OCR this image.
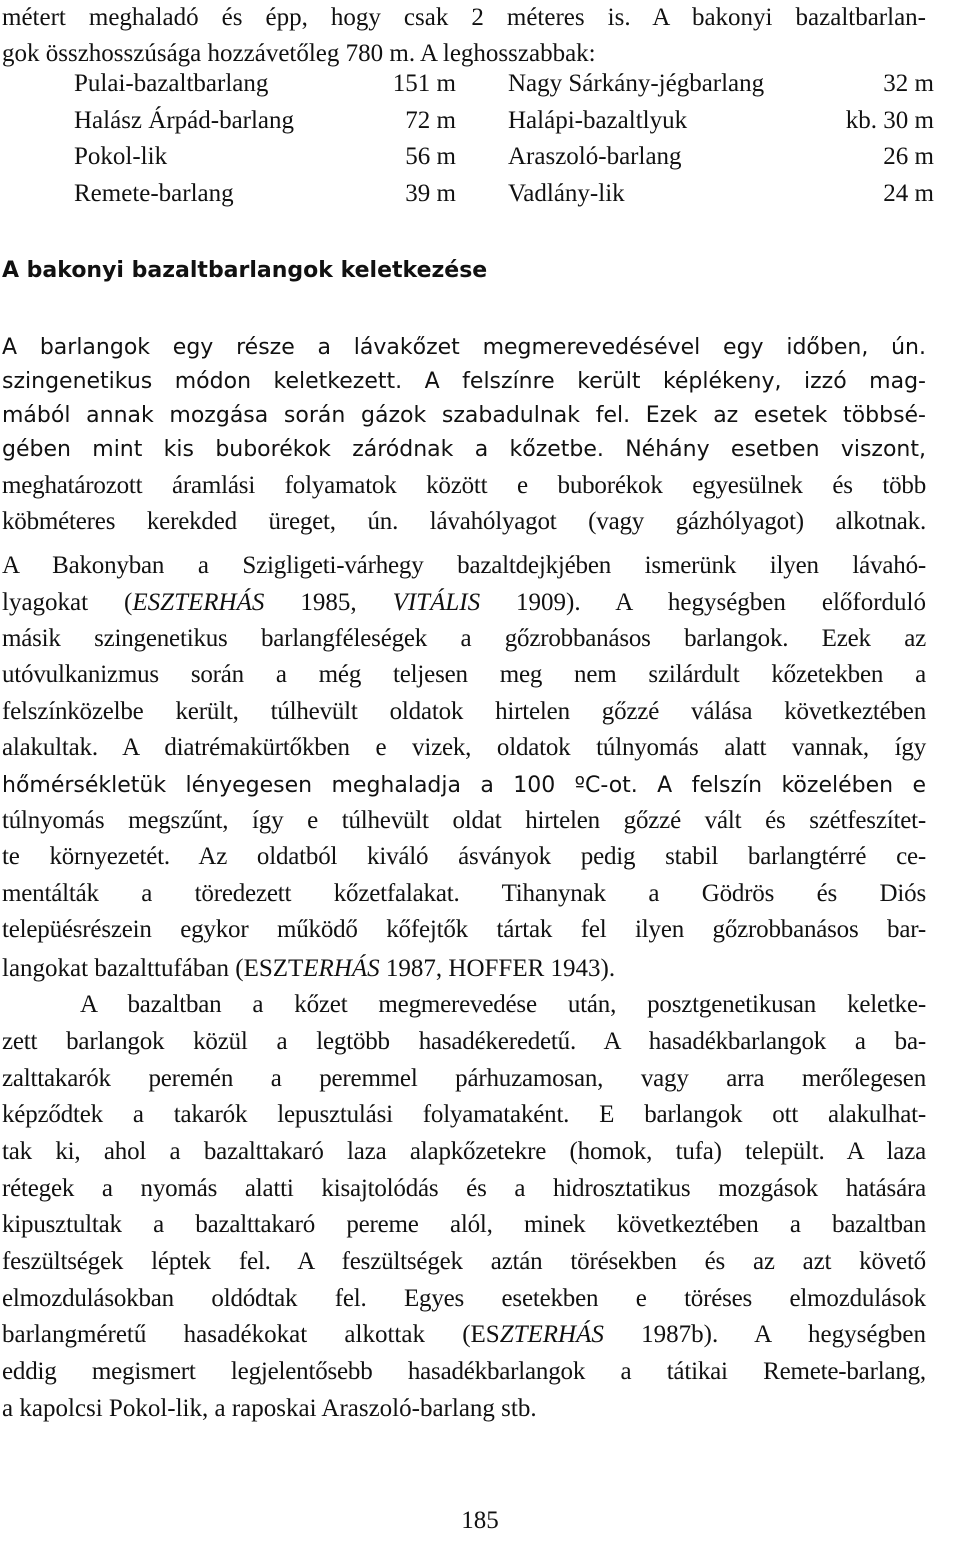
métert meghaladó és épp, hogy csak 2 méteres is. A bakonyi bazaltbarlan-
gok összhosszúsága hozzávetőleg 780 m. A leghosszabbak:
Pulai-bazaltbarlang	151 m Nagy Sárkány-jégbarlang	32 m
Halász Árpád-barlang	72 m Halápi-bazaltlyuk	kb. 30 m
Pokol-lik	56 m Araszoló-barlang	26 m
Remete-barlang	39 m Vadlány-lik	24 m
A bakonyi bazaltbarlangok keletkezése
A barlangok egy része a lávakőzet megmerevedésével egy időben, ún.
szingenetikus módon keletkezett. A felszínre került képlékeny, izzó mag-
mából annak mozgása során gázok szabadulnak fel. Ezek az esetek többsé-
gében mint kis buborékok záródnak a kőzetbe. Néhány esetben viszont,
meghatározott áramlási folyamatok között e buborékok egyesülnek és több
köbméteres kerekded üreget, ún. lávahólyagot (vagy gázhólyagot) alkotnak.
A Bakonyban a Szigligeti-várhegy bazaltdejkjében ismerünk ilyen lávahó-
lyagokat (ESZTERHÁS 1985, VITÁLIS 1909). A hegységben előforduló
másik szingenetikus barlangféleségek a gőzrobbanásos barlangok. Ezek az
utóvulkanizmus során a még teljesen meg nem szilárdult kőzetekben a
felszínközelbe került, túlhevült oldatok hirtelen gőzzé válása következtében
alakultak. A diatrémakürtőkben e vizek, oldatok túlnyomás alatt vannak, így
hőmérsékletük lényegesen meghaladja a 100 ºC-ot. A felszín közelében e
túlnyomás megszűnt, így e túlhevült oldat hirtelen gőzzé vált és szétfeszítet-
te környezetét. Az oldatból kiváló ásványok pedig stabil barlangtérré ce-
mentálták a töredezett kőzetfalakat. Tihanynak a Gödrös és Diós
telepüésrészein egykor működő kőfejtők tártak fel ilyen gőzrobbanásos bar-
langokat bazalttufában (ESZTERHÁS 1987, HOFFER 1943).
A bazaltban a kőzet megmerevedése után, posztgenetikusan keletke-
zett barlangok közül a legtöbb hasadékeredetű. A hasadékbarlangok a ba-
zalttakarók peremén a peremmel párhuzamosan, vagy arra merőlegesen
képződtek a takarók lepusztulási folyamataként. E barlangok ott alakulhat-
tak ki, ahol a bazalttakaró laza alapkőzetekre (homok, tufa) települt. A laza
rétegek a nyomás alatti kisajtolódás és a hidrosztatikus mozgások hatására
kipusztultak a bazalttakaró pereme alól, minek következtében a bazaltban
feszültségek léptek fel. A feszültségek aztán törésekben és az azt követő
elmozdulásokban oldódtak fel. Egyes esetekben e töréses elmozdulások
barlangméretű hasadékokat alkottak (ESZTERHÁS 1987b). A hegységben
eddig megismert legjelentősebb hasadékbarlangok a tátikai Remete-barlang,
a kapolcsi Pokol-lik, a raposkai Araszoló-barlang stb.
185
